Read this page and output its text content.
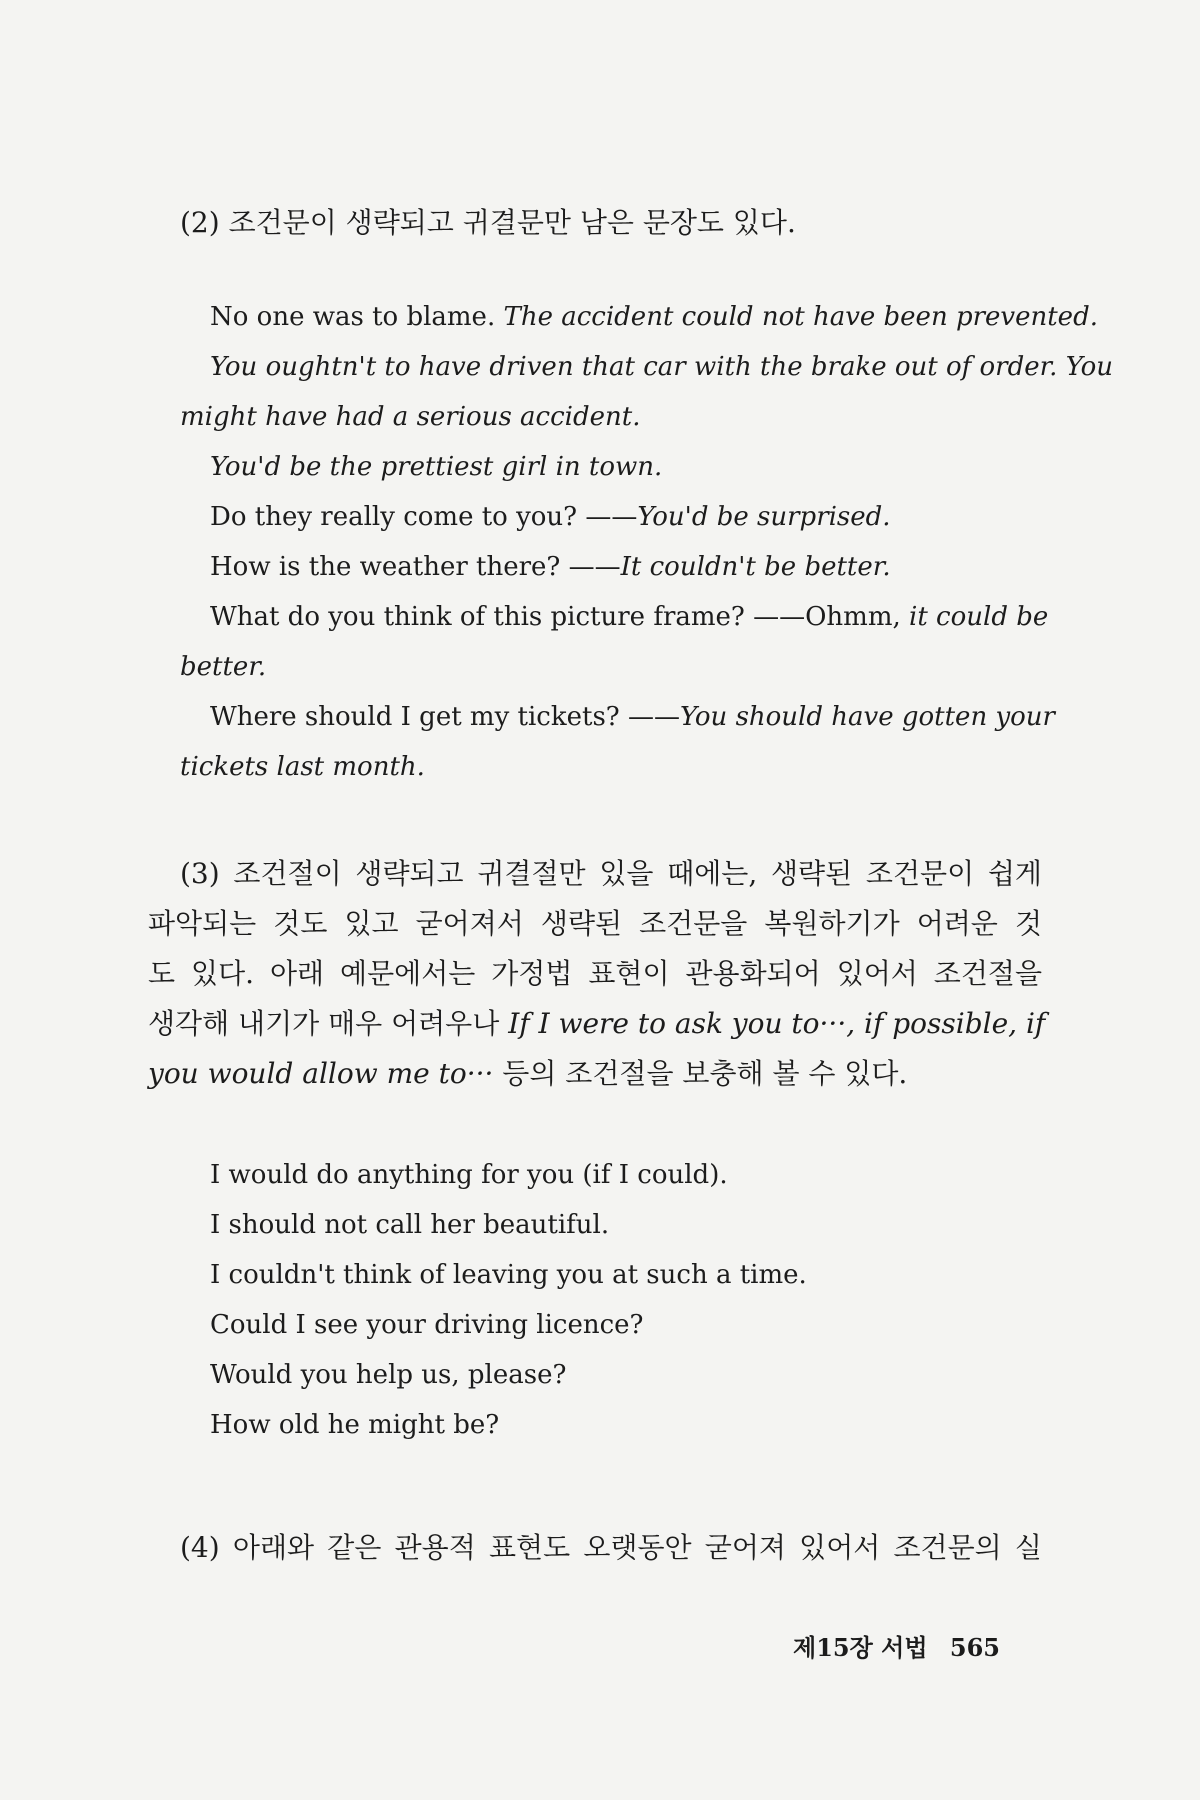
(2) 조건문이 생략되고 귀결문만 남은 문장도 있다.
No one was to blame. The accident could not have been prevented.
You oughtn't to have driven that car with the brake out of order. You
might have had a serious accident.
You'd be the prettiest girl in town.
Do they really come to you? ——You'd be surprised.
How is the weather there? ——It couldn't be better.
What do you think of this picture frame? ——Ohmm, it could be
better.
Where should I get my tickets? ——You should have gotten your
tickets last month.
(3) 조건절이 생략되고 귀결절만 있을 때에는, 생략된 조건문이 쉽게
파악되는 것도 있고 굳어져서 생략된 조건문을 복원하기가 어려운 것
도 있다. 아래 예문에서는 가정법 표현이 관용화되어 있어서 조건절을
생각해 내기가 매우 어려우나 If I were to ask you to···, if possible, if
you would allow me to··· 등의 조건절을 보충해 볼 수 있다.
I would do anything for you (if I could).
I should not call her beautiful.
I couldn't think of leaving you at such a time.
Could I see your driving licence?
Would you help us, please?
How old he might be?
(4) 아래와 같은 관용적 표현도 오랫동안 굳어져 있어서 조건문의 실
제15장 서법 565
